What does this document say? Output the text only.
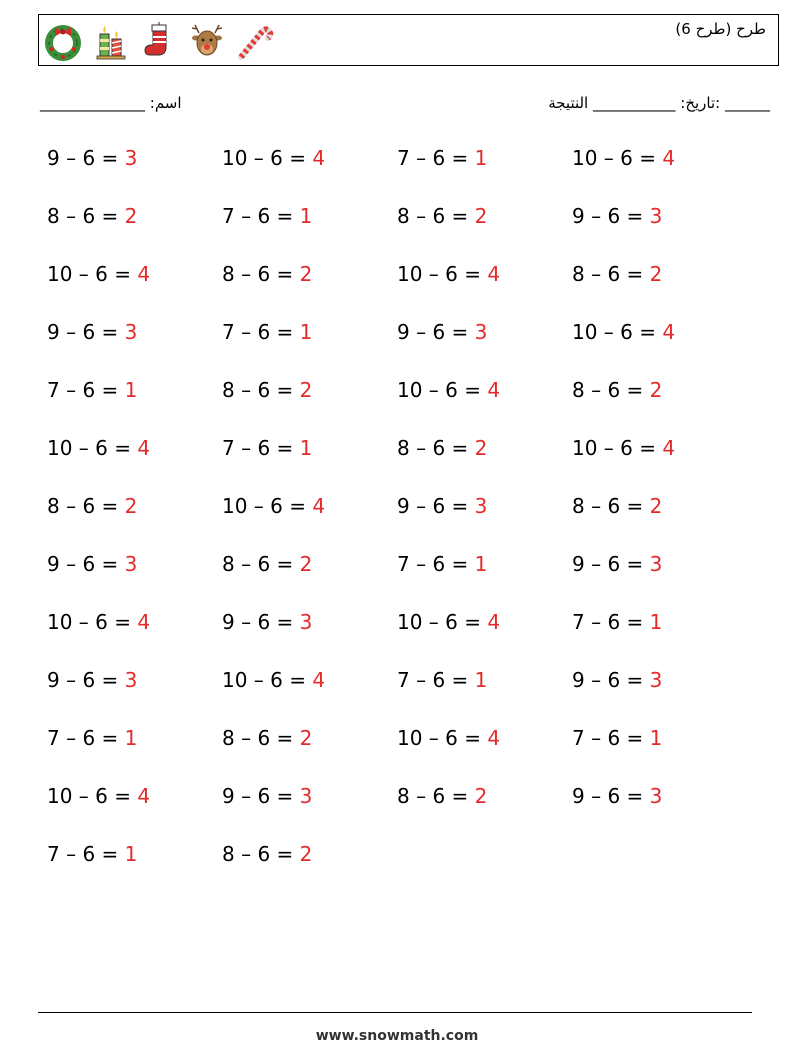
طرح (طرح 6)
اسم: ______________	______ :تاريخ: ___________ النتيجة
9 – 6 = 3	10 – 6 = 4	7 – 6 = 1	10 – 6 = 4
8 – 6 = 2	7 – 6 = 1	8 – 6 = 2	9 – 6 = 3
10 – 6 = 4	8 – 6 = 2	10 – 6 = 4	8 – 6 = 2
9 – 6 = 3	7 – 6 = 1	9 – 6 = 3	10 – 6 = 4
7 – 6 = 1	8 – 6 = 2	10 – 6 = 4	8 – 6 = 2
10 – 6 = 4	7 – 6 = 1	8 – 6 = 2	10 – 6 = 4
8 – 6 = 2	10 – 6 = 4	9 – 6 = 3	8 – 6 = 2
9 – 6 = 3	8 – 6 = 2	7 – 6 = 1	9 – 6 = 3
10 – 6 = 4	9 – 6 = 3	10 – 6 = 4	7 – 6 = 1
9 – 6 = 3	10 – 6 = 4	7 – 6 = 1	9 – 6 = 3
7 – 6 = 1	8 – 6 = 2	10 – 6 = 4	7 – 6 = 1
10 – 6 = 4	9 – 6 = 3	8 – 6 = 2	9 – 6 = 3
7 – 6 = 1	8 – 6 = 2
www.snowmath.com
